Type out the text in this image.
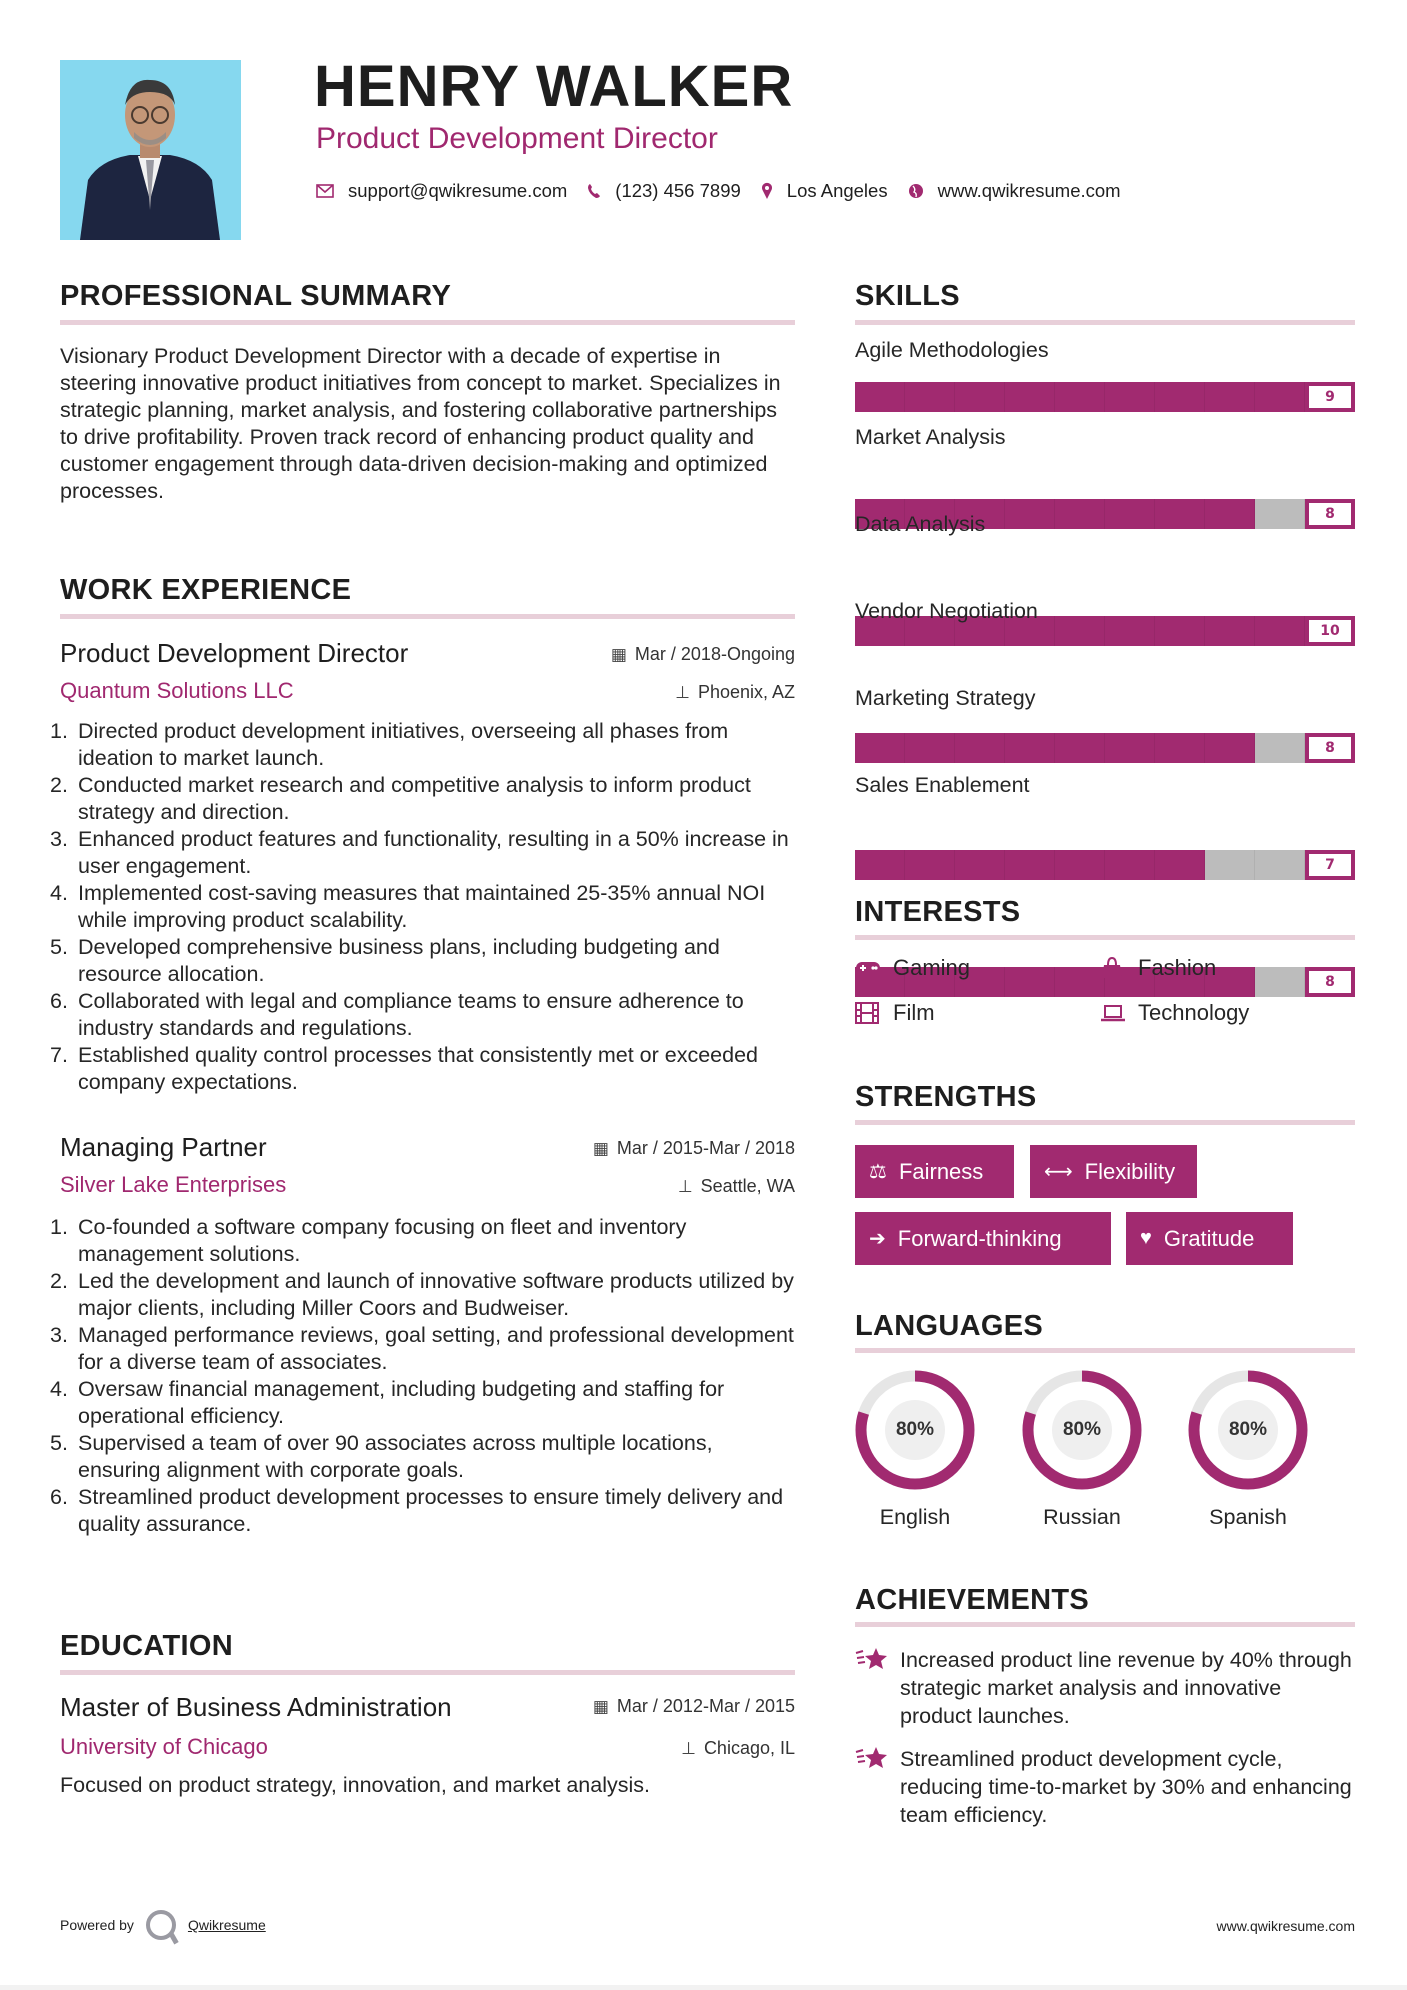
HENRY WALKER
Product Development Director
support@qwikresume.com	(123) 456 7899 Los Angeles	www.qwikresume.com
PROFESSIONAL SUMMARY
Visionary Product Development Director with a decade of expertise in steering innovative product initiatives from concept to market. Specializes in strategic planning, market analysis, and fostering collaborative partnerships to drive profitability. Proven track record of enhancing product quality and customer engagement through data-driven decision-making and optimized processes.
WORK EXPERIENCE
Product Development Director	▦ Mar / 2018-Ongoing
Quantum Solutions LLC	⊥ Phoenix, AZ
1. Directed product development initiatives, overseeing all phases from ideation to market launch.
2. Conducted market research and competitive analysis to inform product strategy and direction.
3. Enhanced product features and functionality, resulting in a 50% increase in user engagement.
4. Implemented cost-saving measures that maintained 25-35% annual NOI while improving product scalability.
5. Developed comprehensive business plans, including budgeting and resource allocation.
6. Collaborated with legal and compliance teams to ensure adherence to industry standards and regulations.
7. Established quality control processes that consistently met or exceeded company expectations.
Managing Partner	▦ Mar / 2015-Mar / 2018
Silver Lake Enterprises	⊥ Seattle, WA
1. Co-founded a software company focusing on fleet and inventory management solutions.
2. Led the development and launch of innovative software products utilized by major clients, including Miller Coors and Budweiser.
3. Managed performance reviews, goal setting, and professional development for a diverse team of associates.
4. Oversaw financial management, including budgeting and staffing for operational efficiency.
5. Supervised a team of over 90 associates across multiple locations, ensuring alignment with corporate goals.
6. Streamlined product development processes to ensure timely delivery and quality assurance.
EDUCATION
Master of Business Administration	▦ Mar / 2012-Mar / 2015
University of Chicago	⊥ Chicago, IL
Focused on product strategy, innovation, and market analysis.
SKILLS
Agile Methodologies
9
Market Analysis
8
Data Analysis
10
Vendor Negotiation
8
Marketing Strategy
7
Sales Enablement
8
INTERESTS
Gaming	Fashion
Film	Technology
STRENGTHS
⚖ Fairness	⟷ Flexibility
➔ Forward-thinking	♥ Gratitude
LANGUAGES
80%
English
80%
Russian
80%
Spanish
ACHIEVEMENTS
Increased product line revenue by 40% through strategic market analysis and innovative product launches.
Streamlined product development cycle, reducing time-to-market by 30% and enhancing team efficiency.
Powered by	Qwikresume	www.qwikresume.com
